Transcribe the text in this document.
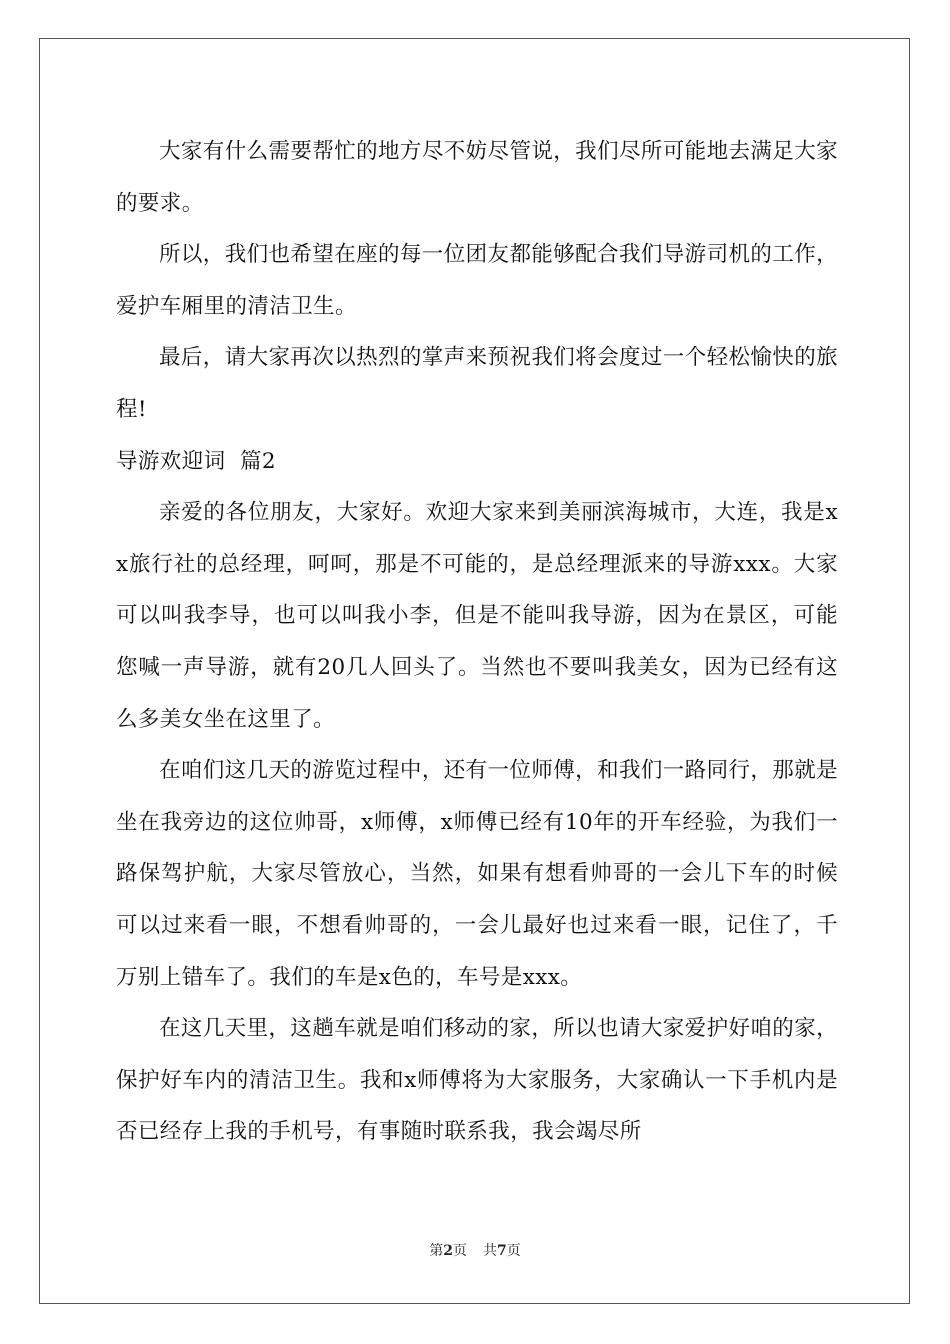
大家有什么需要帮忙的地方尽不妨尽管说，我们尽所可能地去满足大家的要求。

所以，我们也希望在座的每一位团友都能够配合我们导游司机的工作，爱护车厢里的清洁卫生。

最后，请大家再次以热烈的掌声来预祝我们将会度过一个轻松愉快的旅程!

导游欢迎词  篇2

亲爱的各位朋友，大家好。欢迎大家来到美丽滨海城市，大连，我是xx旅行社的总经理，呵呵，那是不可能的，是总经理派来的导游xxx。大家可以叫我李导，也可以叫我小李，但是不能叫我导游，因为在景区，可能您喊一声导游，就有20几人回头了。当然也不要叫我美女，因为已经有这么多美女坐在这里了。

在咱们这几天的游览过程中，还有一位师傅，和我们一路同行，那就是坐在我旁边的这位帅哥，x师傅，x师傅已经有10年的开车经验，为我们一路保驾护航，大家尽管放心，当然，如果有想看帅哥的一会儿下车的时候可以过来看一眼，不想看帅哥的，一会儿最好也过来看一眼，记住了，千万别上错车了。我们的车是x色的，车号是xxx。

在这几天里，这趟车就是咱们移动的家，所以也请大家爱护好咱的家，保护好车内的清洁卫生。我和x师傅将为大家服务，大家确认一下手机内是否已经存上我的手机号，有事随时联系我，我会竭尽所

第2页 共7页
